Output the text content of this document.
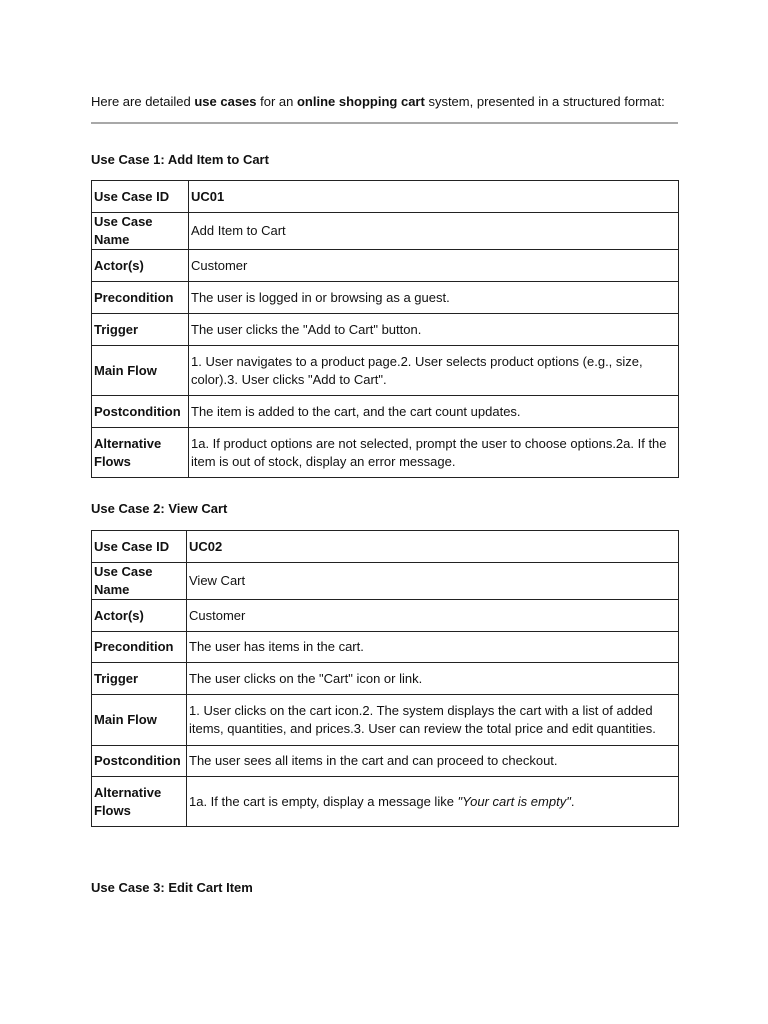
Here are detailed use cases for an online shopping cart system, presented in a structured format:
Use Case 1: Add Item to Cart
Use Case ID	UC01
Use Case Name	Add Item to Cart
Actor(s)	Customer
Precondition	The user is logged in or browsing as a guest.
Trigger	The user clicks the "Add to Cart" button.
Main Flow	1. User navigates to a product page.2. User selects product options (e.g., size, color).3. User clicks "Add to Cart".
Postcondition	The item is added to the cart, and the cart count updates.
Alternative Flows	1a. If product options are not selected, prompt the user to choose options.2a. If the item is out of stock, display an error message.
Use Case 2: View Cart
Use Case ID	UC02
Use Case Name	View Cart
Actor(s)	Customer
Precondition	The user has items in the cart.
Trigger	The user clicks on the "Cart" icon or link.
Main Flow	1. User clicks on the cart icon.2. The system displays the cart with a list of added items, quantities, and prices.3. User can review the total price and edit quantities.
Postcondition	The user sees all items in the cart and can proceed to checkout.
Alternative Flows	1a. If the cart is empty, display a message like "Your cart is empty".
Use Case 3: Edit Cart Item
